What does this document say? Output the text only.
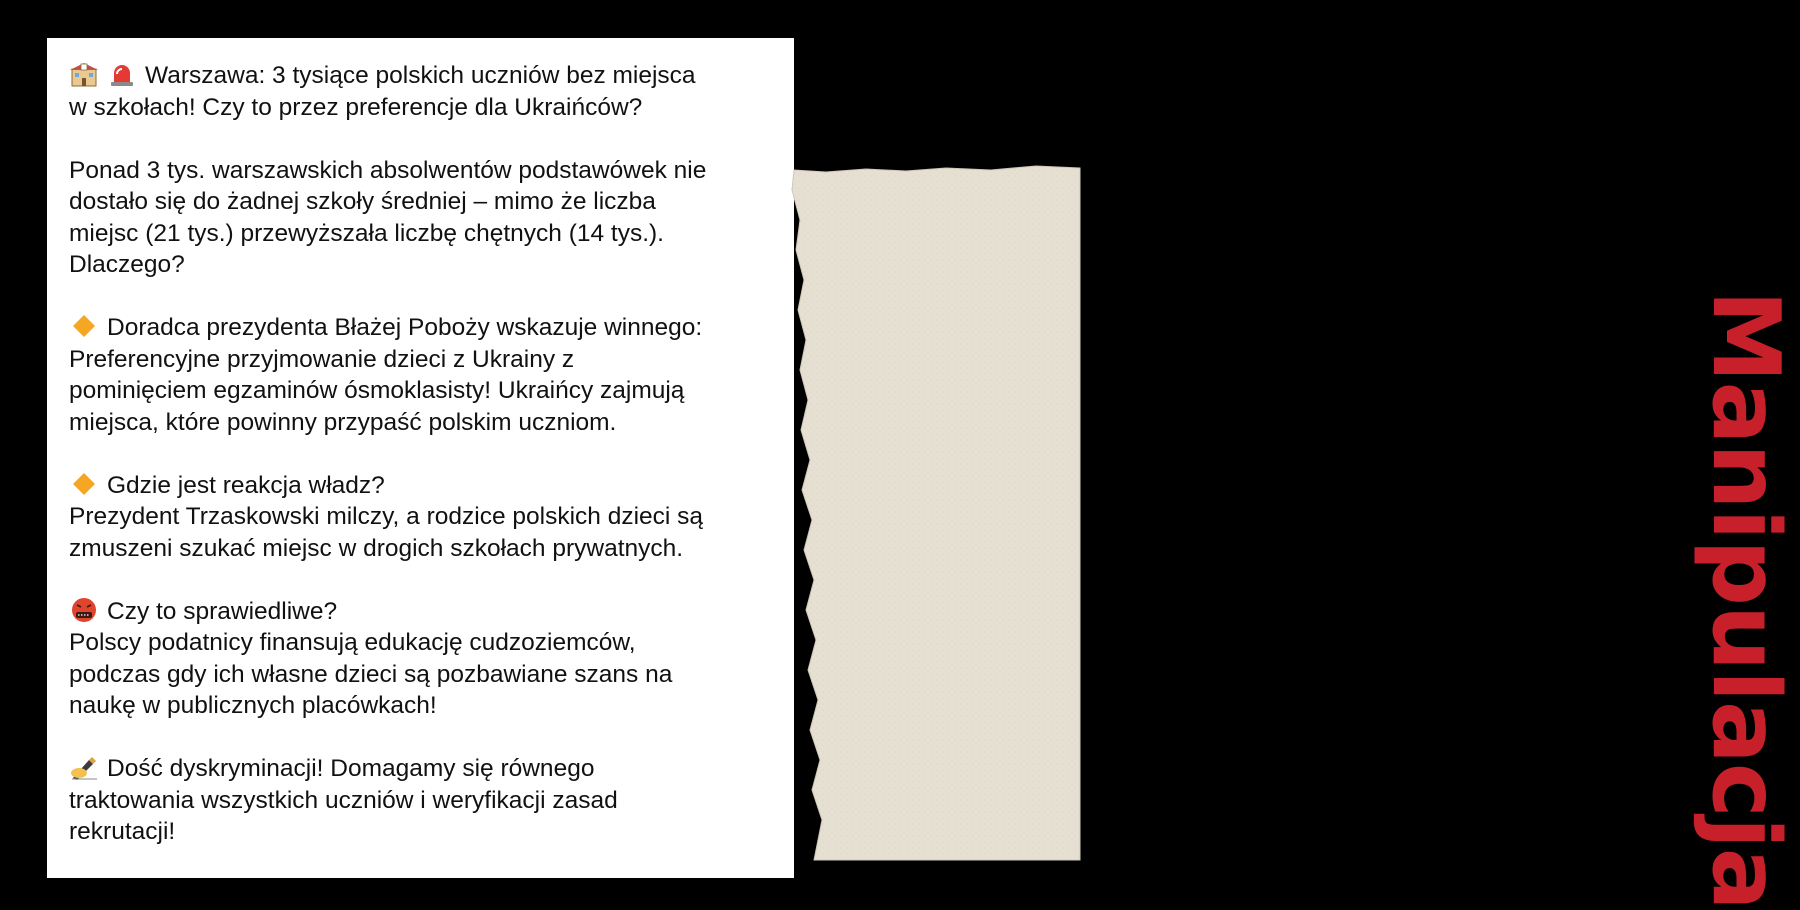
Warszawa: 3 tysiące polskich uczniów bez miejsca
w szkołach! Czy to przez preferencje dla Ukraińców?

Ponad 3 tys. warszawskich absolwentów podstawówek nie
dostało się do żadnej szkoły średniej – mimo że liczba
miejsc (21 tys.) przewyższała liczbę chętnych (14 tys.).
Dlaczego?

Doradca prezydenta Błażej Poboży wskazuje winnego:
Preferencyjne przyjmowanie dzieci z Ukrainy z
pominięciem egzaminów ósmoklasisty! Ukraińcy zajmują
miejsca, które powinny przypaść polskim uczniom.

Gdzie jest reakcja władz?
Prezydent Trzaskowski milczy, a rodzice polskich dzieci są
zmuszeni szukać miejsc w drogich szkołach prywatnych.

Czy to sprawiedliwe?
Polscy podatnicy finansują edukację cudzoziemców,
podczas gdy ich własne dzieci są pozbawiane szans na
naukę w publicznych placówkach!

Dość dyskryminacji! Domagamy się równego
traktowania wszystkich uczniów i weryfikacji zasad
rekrutacji!	Manipulacja
